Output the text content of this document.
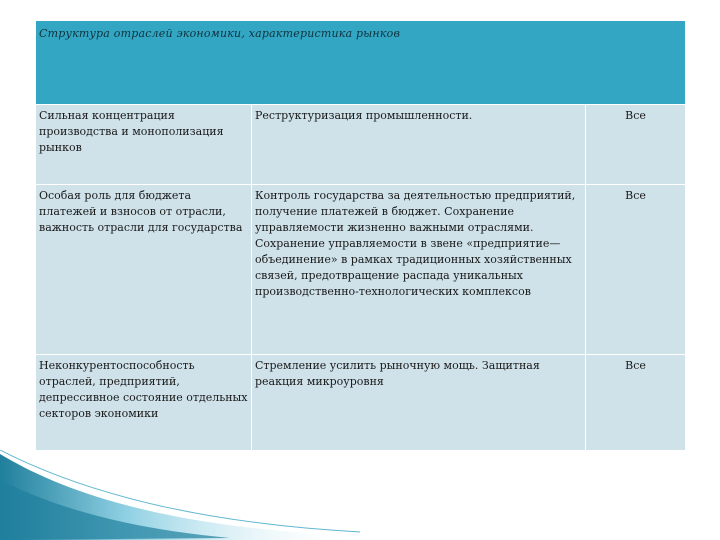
Структура отраслей экономики, характеристика рынков		
Сильная концентрация производства и монополизация рынков	Реструктуризация промышленности.	Все
Особая роль для бюджета платежей и взносов от отрасли, важность отрасли для государства	Контроль государства за деятельностью предприятий, получение платежей в бюджет. Сохранение управляемости жизненно важными отраслями. Сохранение управляемости в звене «предприятие—объединение» в рамках традиционных хозяйственных связей, предотвращение распада уникальных производственно-технологических комплексов	Все
Неконкурентоспособность отраслей, предприятий, депрессивное состояние отдельных секторов экономики	Стремление усилить рыночную мощь. Защитная реакция микроуровня	Все
